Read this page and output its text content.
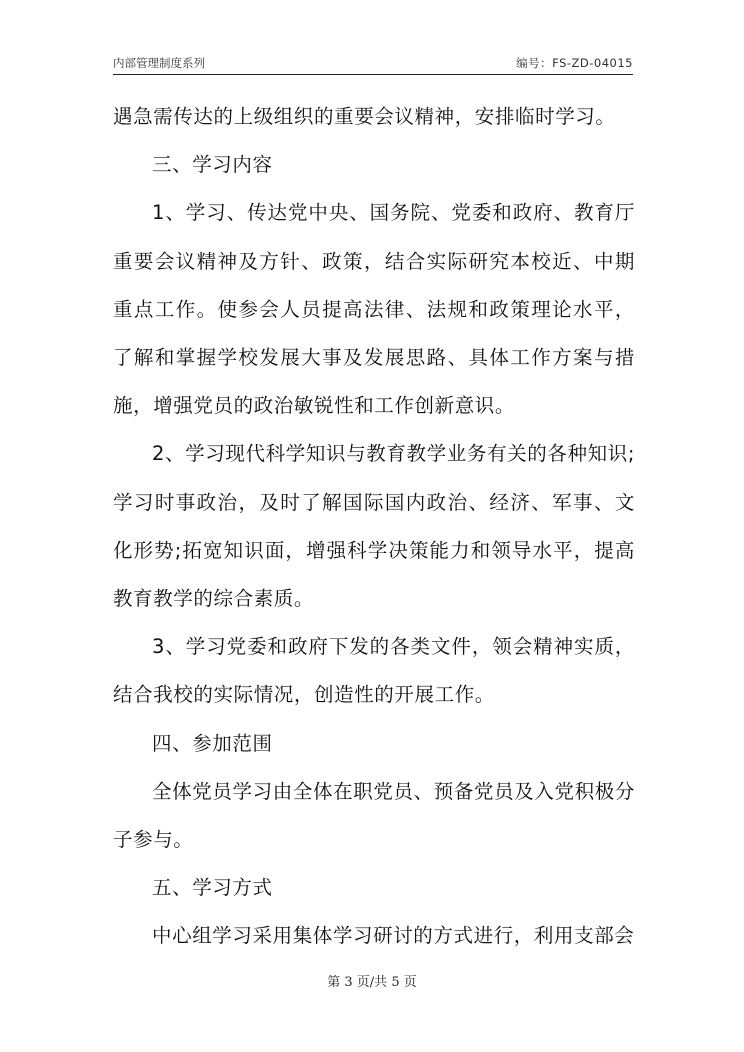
内部管理制度系列	编号：FS-ZD-04015

遇急需传达的上级组织的重要会议精神，安排临时学习。

三、学习内容

1、学习、传达党中央、国务院、党委和政府、教育厅重要会议精神及方针、政策，结合实际研究本校近、中期重点工作。使参会人员提高法律、法规和政策理论水平，了解和掌握学校发展大事及发展思路、具体工作方案与措施，增强党员的政治敏锐性和工作创新意识。

2、学习现代科学知识与教育教学业务有关的各种知识;学习时事政治，及时了解国际国内政治、经济、军事、文化形势;拓宽知识面，增强科学决策能力和领导水平，提高教育教学的综合素质。

3、学习党委和政府下发的各类文件，领会精神实质，结合我校的实际情况，创造性的开展工作。

四、参加范围

全体党员学习由全体在职党员、预备党员及入党积极分子参与。

五、学习方式

中心组学习采用集体学习研讨的方式进行，利用支部会

第 3 页/共 5 页
